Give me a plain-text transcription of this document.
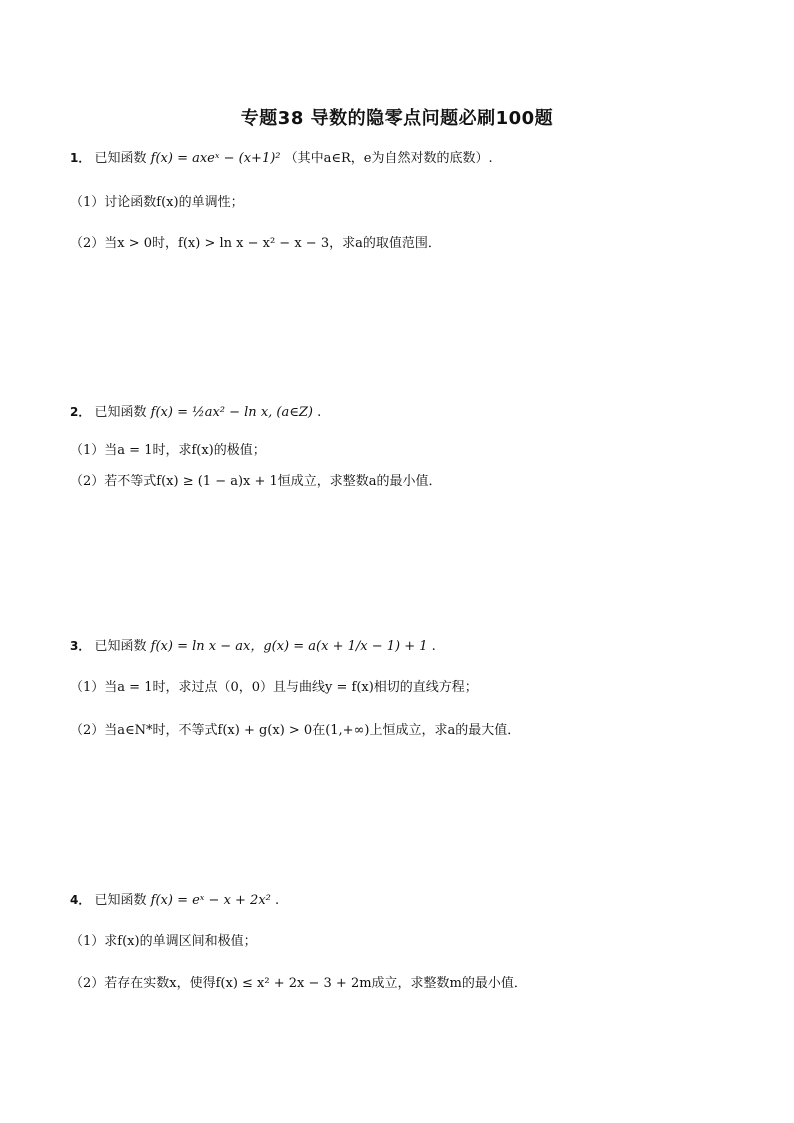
专题38 导数的隐零点问题必刷100题
1． 已知函数 f(x) = axeˣ − (x+1)² （其中a∈R，e为自然对数的底数）.
（1）讨论函数f(x)的单调性；
（2）当x > 0时，f(x) > ln x − x² − x − 3，求a的取值范围．
2． 已知函数 f(x) = ½ax² − ln x, (a∈Z) .
（1）当a = 1时，求f(x)的极值；
（2）若不等式f(x) ≥ (1 − a)x + 1恒成立，求整数a的最小值．
3． 已知函数 f(x) = ln x − ax，g(x) = a(x + 1/x − 1) + 1 .
（1）当a = 1时，求过点（0，0）且与曲线y = f(x)相切的直线方程；
（2）当a∈N*时，不等式f(x) + g(x) > 0在(1,+∞)上恒成立，求a的最大值．
4． 已知函数 f(x) = eˣ − x + 2x² .
（1）求f(x)的单调区间和极值；
（2）若存在实数x，使得f(x) ≤ x² + 2x − 3 + 2m成立，求整数m的最小值．
